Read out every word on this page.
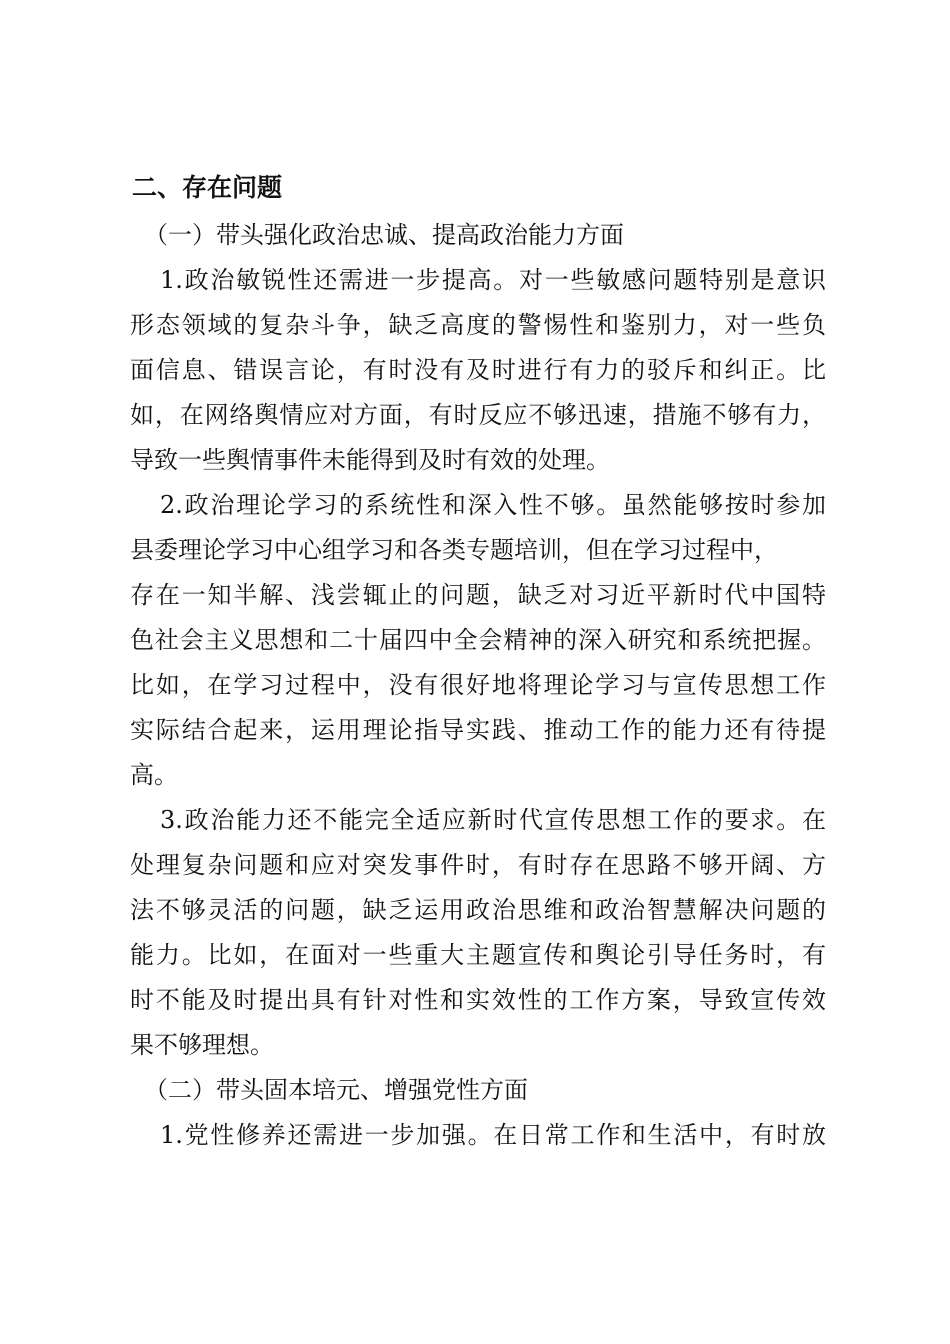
二、存在问题
（一）带头强化政治忠诚、提高政治能力方面
1.政治敏锐性还需进一步提高。对一些敏感问题特别是意识
形态领域的复杂斗争，缺乏高度的警惕性和鉴别力，对一些负
面信息、错误言论，有时没有及时进行有力的驳斥和纠正。比
如，在网络舆情应对方面，有时反应不够迅速，措施不够有力，
导致一些舆情事件未能得到及时有效的处理。
2.政治理论学习的系统性和深入性不够。虽然能够按时参加
县委理论学习中心组学习和各类专题培训，但在学习过程中，
存在一知半解、浅尝辄止的问题，缺乏对习近平新时代中国特
色社会主义思想和二十届四中全会精神的深入研究和系统把握。
比如，在学习过程中，没有很好地将理论学习与宣传思想工作
实际结合起来，运用理论指导实践、推动工作的能力还有待提
高。
3.政治能力还不能完全适应新时代宣传思想工作的要求。在
处理复杂问题和应对突发事件时，有时存在思路不够开阔、方
法不够灵活的问题，缺乏运用政治思维和政治智慧解决问题的
能力。比如，在面对一些重大主题宣传和舆论引导任务时，有
时不能及时提出具有针对性和实效性的工作方案，导致宣传效
果不够理想。
（二）带头固本培元、增强党性方面
1.党性修养还需进一步加强。在日常工作和生活中，有时放
